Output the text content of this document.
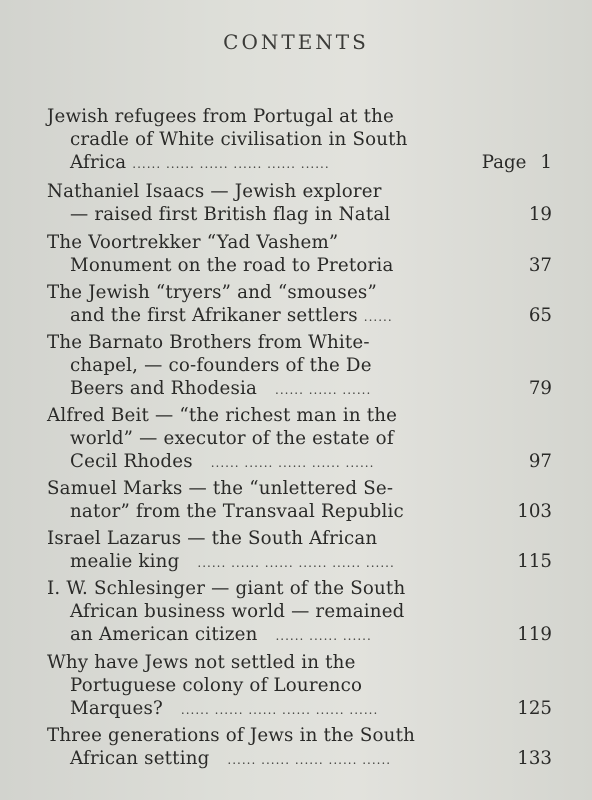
CONTENTS
Jewish refugees from Portugal at the
cradle of White civilisation in South
Africa ...... ...... ...... ...... ...... ......	Page 1
Nathaniel Isaacs — Jewish explorer
— raised first British flag in Natal	19
The Voortrekker “Yad Vashem”
Monument on the road to Pretoria	37
The Jewish “tryers” and “smouses”
and the first Afrikaner settlers ......	65
The Barnato Brothers from White-
chapel, — co-founders of the De
Beers and Rhodesia ...... ...... ......	79
Alfred Beit — “the richest man in the
world” — executor of the estate of
Cecil Rhodes ...... ...... ...... ...... ......	97
Samuel Marks — the “unlettered Se-
nator” from the Transvaal Republic	103
Israel Lazarus — the South African
mealie king ...... ...... ...... ...... ...... ......	115
I. W. Schlesinger — giant of the South
African business world — remained
an American citizen ...... ...... ......	119
Why have Jews not settled in the
Portuguese colony of Lourenco
Marques? ...... ...... ...... ...... ...... ......	125
Three generations of Jews in the South
African setting ...... ...... ...... ...... ......	133
